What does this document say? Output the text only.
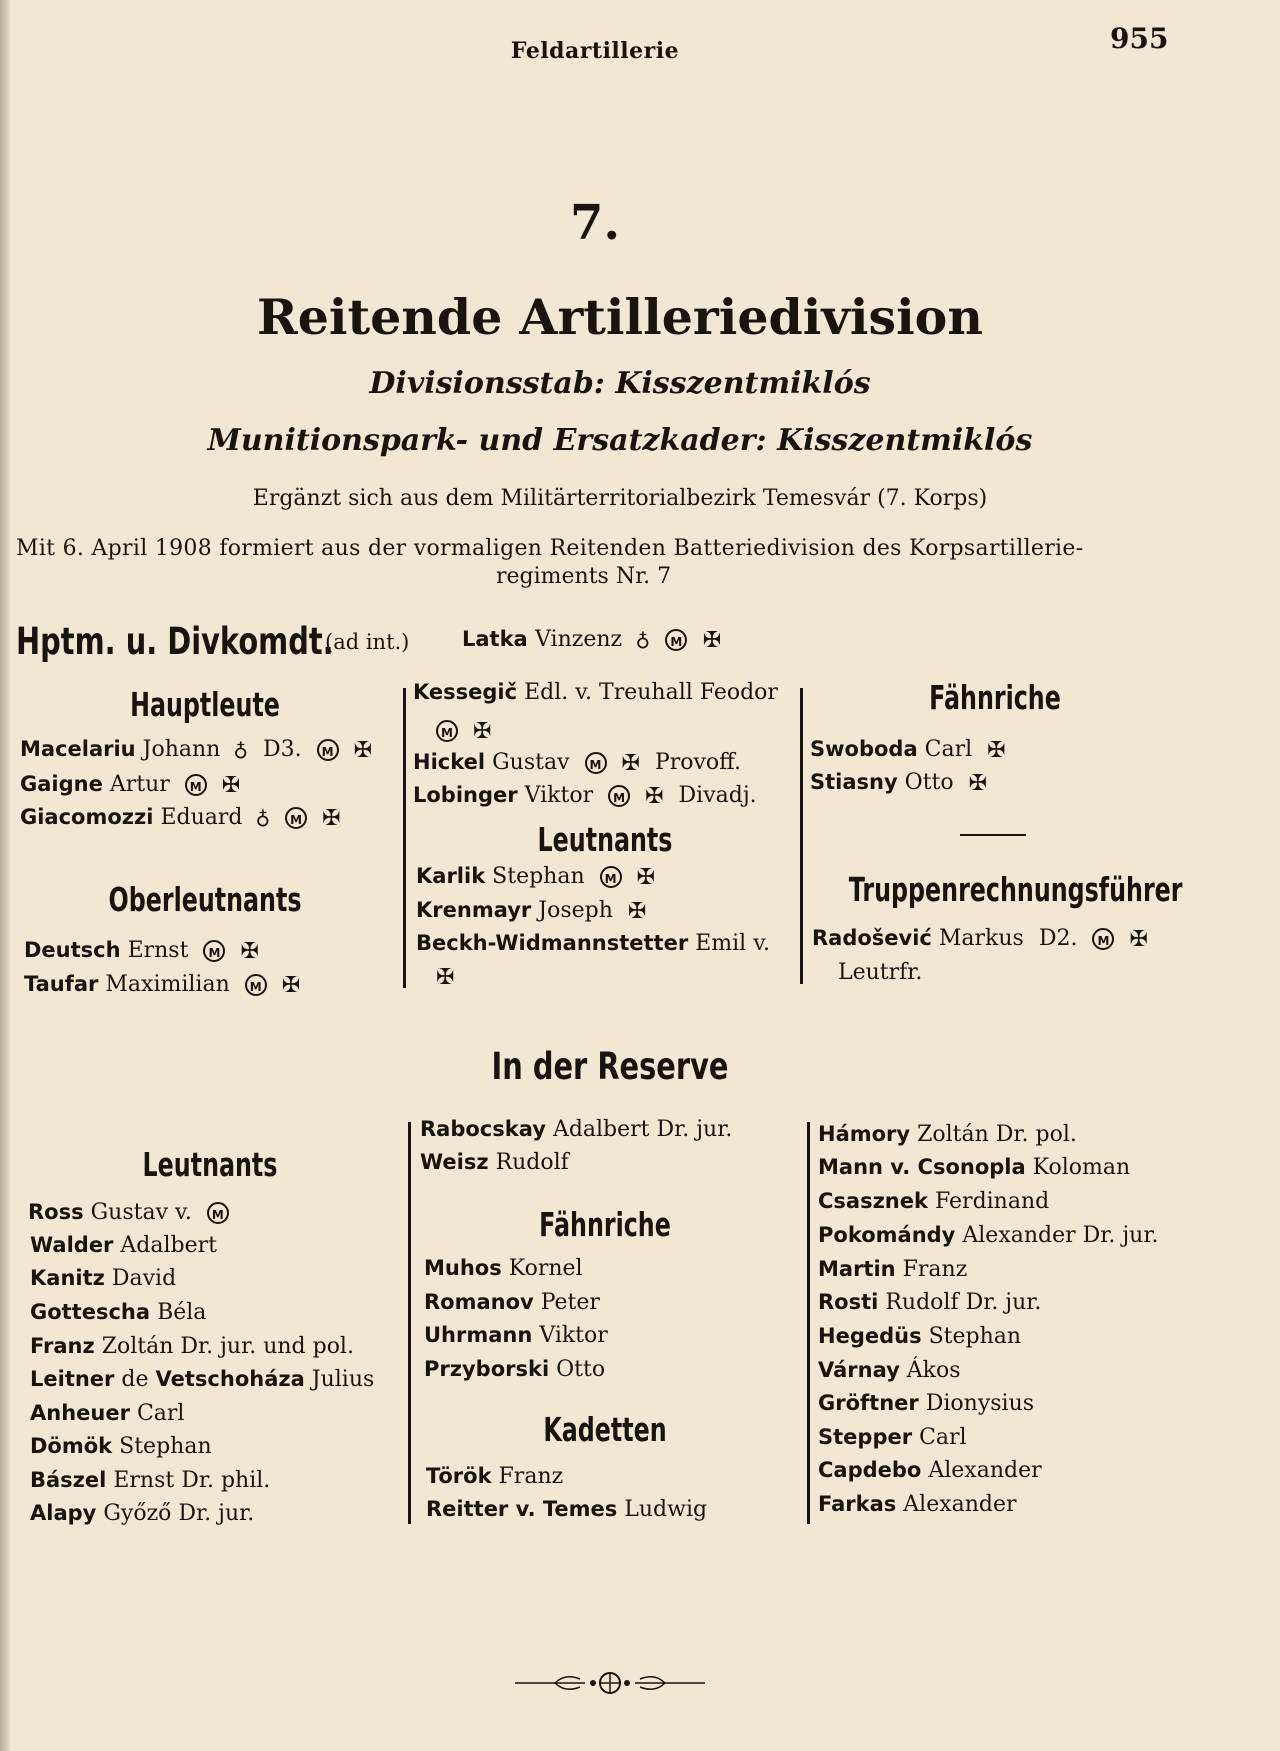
Feldartillerie	955
7.
Reitende Artilleriedivision
Divisionsstab: Kisszentmiklós
Munitionspark- und Ersatzkader: Kisszentmiklós
Ergänzt sich aus dem Militärterritorialbezirk Temesvár (7. Korps)
Mit 6. April 1908 formiert aus der vormaligen Reitenden Batteriedivision des Korpsartillerie-
regiments Nr. 7
Hptm. u. Divkomdt.
(ad int.)	Latka Vinzenz ♁ M ✠
Hauptleute
Macelariu Johann ♁ D3. M ✠
Gaigne Artur M ✠
Giacomozzi Eduard ♁ M ✠
Oberleutnants
Deutsch Ernst M ✠
Taufar Maximilian M ✠
Kessegič Edl. v. Treuhall Feodor
M ✠
Hickel Gustav M ✠ Provoff.
Lobinger Viktor M ✠ Divadj.
Leutnants
Karlik Stephan M ✠
Krenmayr Joseph ✠
Beckh-Widmannstetter Emil v.
✠
Fähnriche
Swoboda Carl ✠
Stiasny Otto ✠
Truppenrechnungsführer
Radošević Markus D2. M ✠
Leutrfr.
In der Reserve
Leutnants
Ross Gustav v. M
Walder Adalbert
Kanitz David
Gottescha Béla
Franz Zoltán Dr. jur. und pol.
Leitner de Vetschoháza Julius
Anheuer Carl
Dömök Stephan
Bászel Ernst Dr. phil.
Alapy Győző Dr. jur.
Rabocskay Adalbert Dr. jur.
Weisz Rudolf
Fähnriche
Muhos Kornel
Romanov Peter
Uhrmann Viktor
Przyborski Otto
Kadetten
Török Franz
Reitter v. Temes Ludwig
Hámory Zoltán Dr. pol.
Mann v. Csonopla Koloman
Csasznek Ferdinand
Pokomándy Alexander Dr. jur.
Martin Franz
Rosti Rudolf Dr. jur.
Hegedüs Stephan
Várnay Ákos
Gröftner Dionysius
Stepper Carl
Capdebo Alexander
Farkas Alexander
